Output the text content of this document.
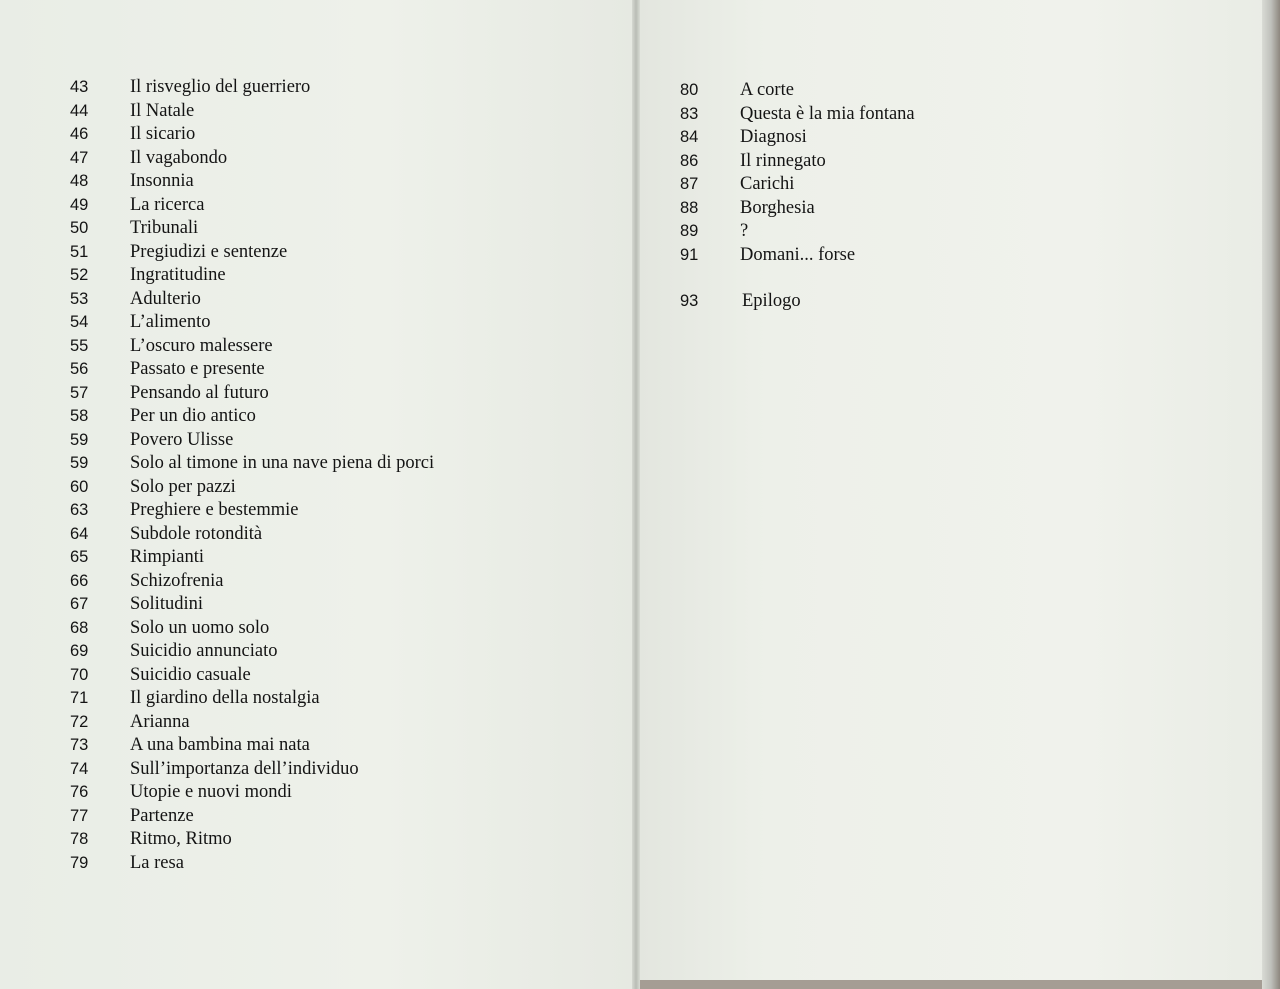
43 Il risveglio del guerriero
44 Il Natale
46 Il sicario
47 Il vagabondo
48 Insonnia
49 La ricerca
50 Tribunali
51 Pregiudizi e sentenze
52 Ingratitudine
53 Adulterio
54 L’alimento
55 L’oscuro malessere
56 Passato e presente
57 Pensando al futuro
58 Per un dio antico
59 Povero Ulisse
59 Solo al timone in una nave piena di porci
60 Solo per pazzi
63 Preghiere e bestemmie
64 Subdole rotondità
65 Rimpianti
66 Schizofrenia
67 Solitudini
68 Solo un uomo solo
69 Suicidio annunciato
70 Suicidio casuale
71 Il giardino della nostalgia
72 Arianna
73 A una bambina mai nata
74 Sull’importanza dell’individuo
76 Utopie e nuovi mondi
77 Partenze
78 Ritmo, Ritmo
79 La resa
80 A corte
83 Questa è la mia fontana
84 Diagnosi
86 Il rinnegato
87 Carichi
88 Borghesia
89 ?
91 Domani... forse
93 Epilogo
